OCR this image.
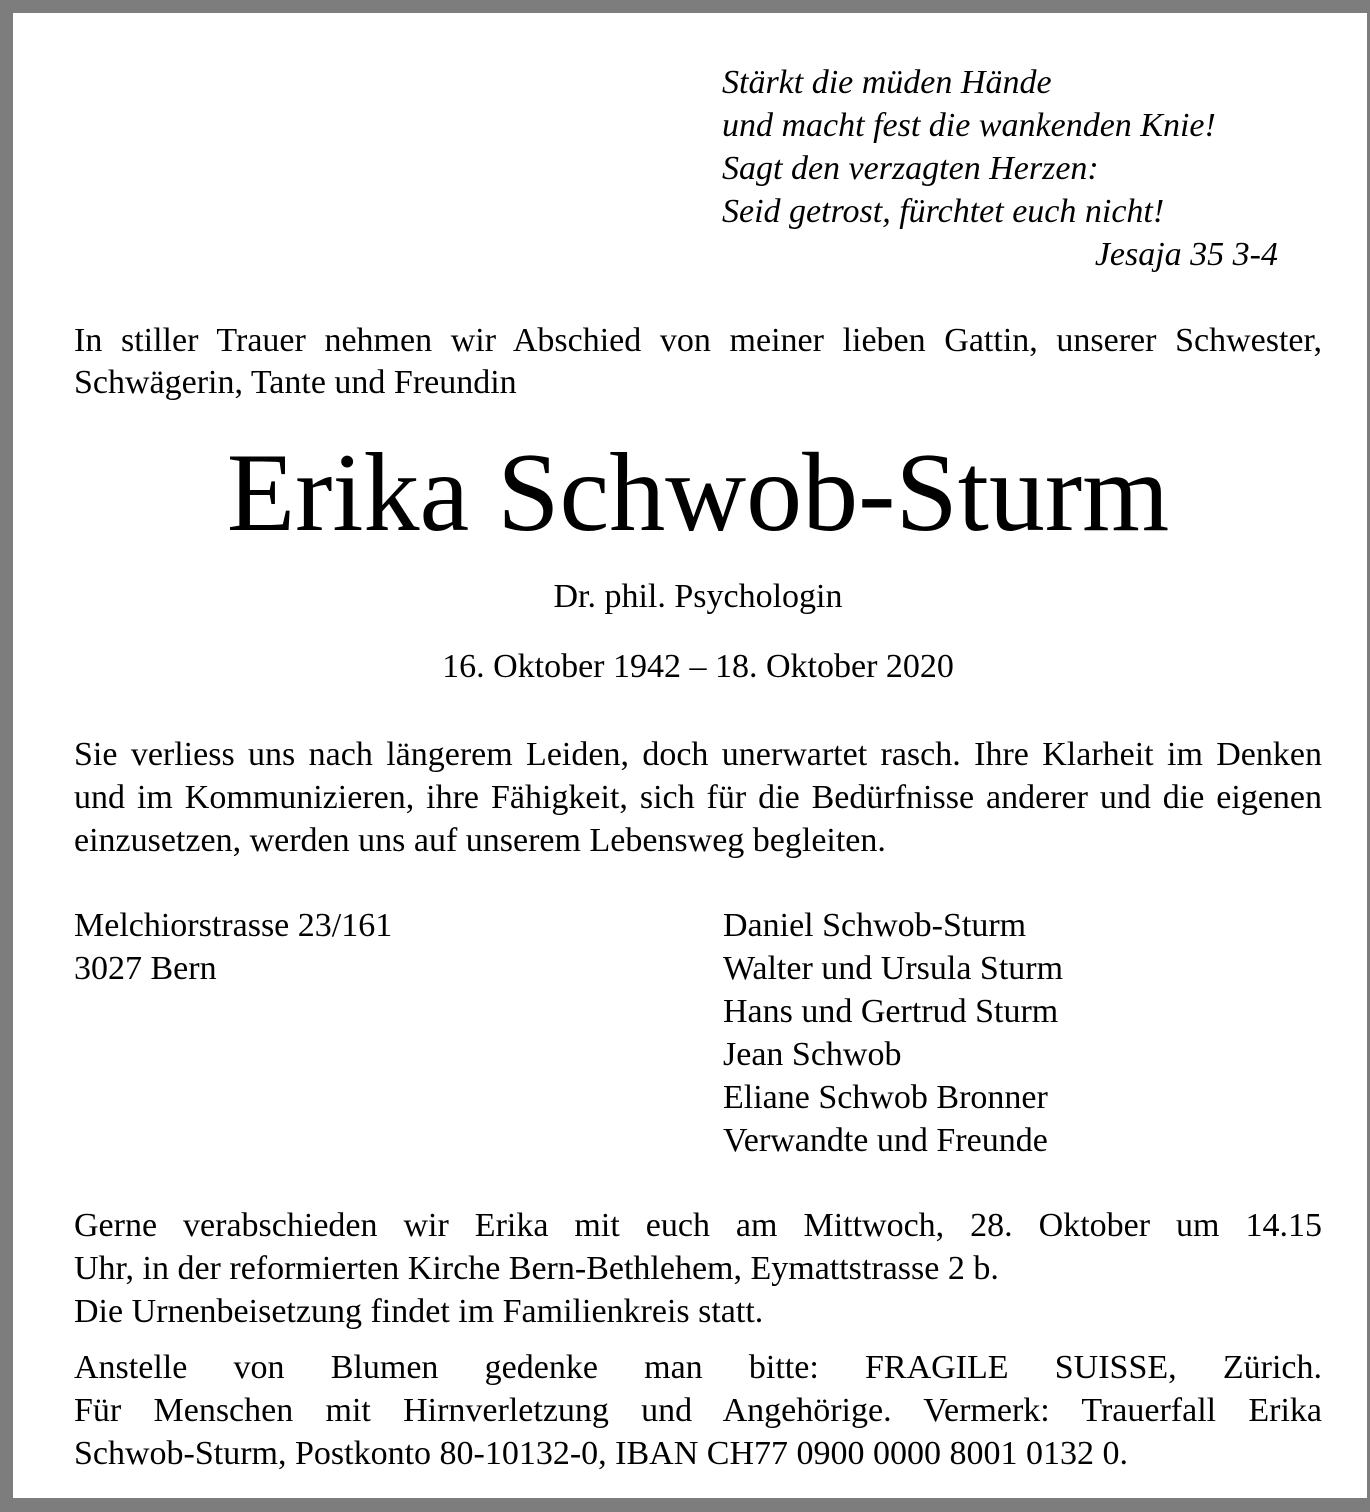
Stärkt die müden Hände
und macht fest die wankenden Knie!
Sagt den verzagten Herzen:
Seid getrost, fürchtet euch nicht!
Jesaja 35 3-4
In stiller Trauer nehmen wir Abschied von meiner lieben Gattin, unserer Schwester, Schwägerin, Tante und Freundin
Erika Schwob-Sturm
Dr. phil. Psychologin
16. Oktober 1942 – 18. Oktober 2020
Sie verliess uns nach längerem Leiden, doch unerwartet rasch. Ihre Klarheit im Denken und im Kommunizieren, ihre Fähigkeit, sich für die Bedürfnisse anderer und die eigenen einzusetzen, werden uns auf unserem Lebensweg begleiten.
Melchiorstrasse 23/161
3027 Bern
Daniel Schwob-Sturm
Walter und Ursula Sturm
Hans und Gertrud Sturm
Jean Schwob
Eliane Schwob Bronner
Verwandte und Freunde
Gerne verabschieden wir Erika mit euch am Mittwoch, 28. Oktober um 14.15
Uhr, in der reformierten Kirche Bern-Bethlehem, Eymattstrasse 2 b.
Die Urnenbeisetzung findet im Familienkreis statt.
Anstelle von Blumen gedenke man bitte: FRAGILE SUISSE, Zürich.
Für Menschen mit Hirnverletzung und Angehörige. Vermerk: Trauerfall Erika
Schwob-Sturm, Postkonto 80-10132-0, IBAN CH77 0900 0000 8001 0132 0.
